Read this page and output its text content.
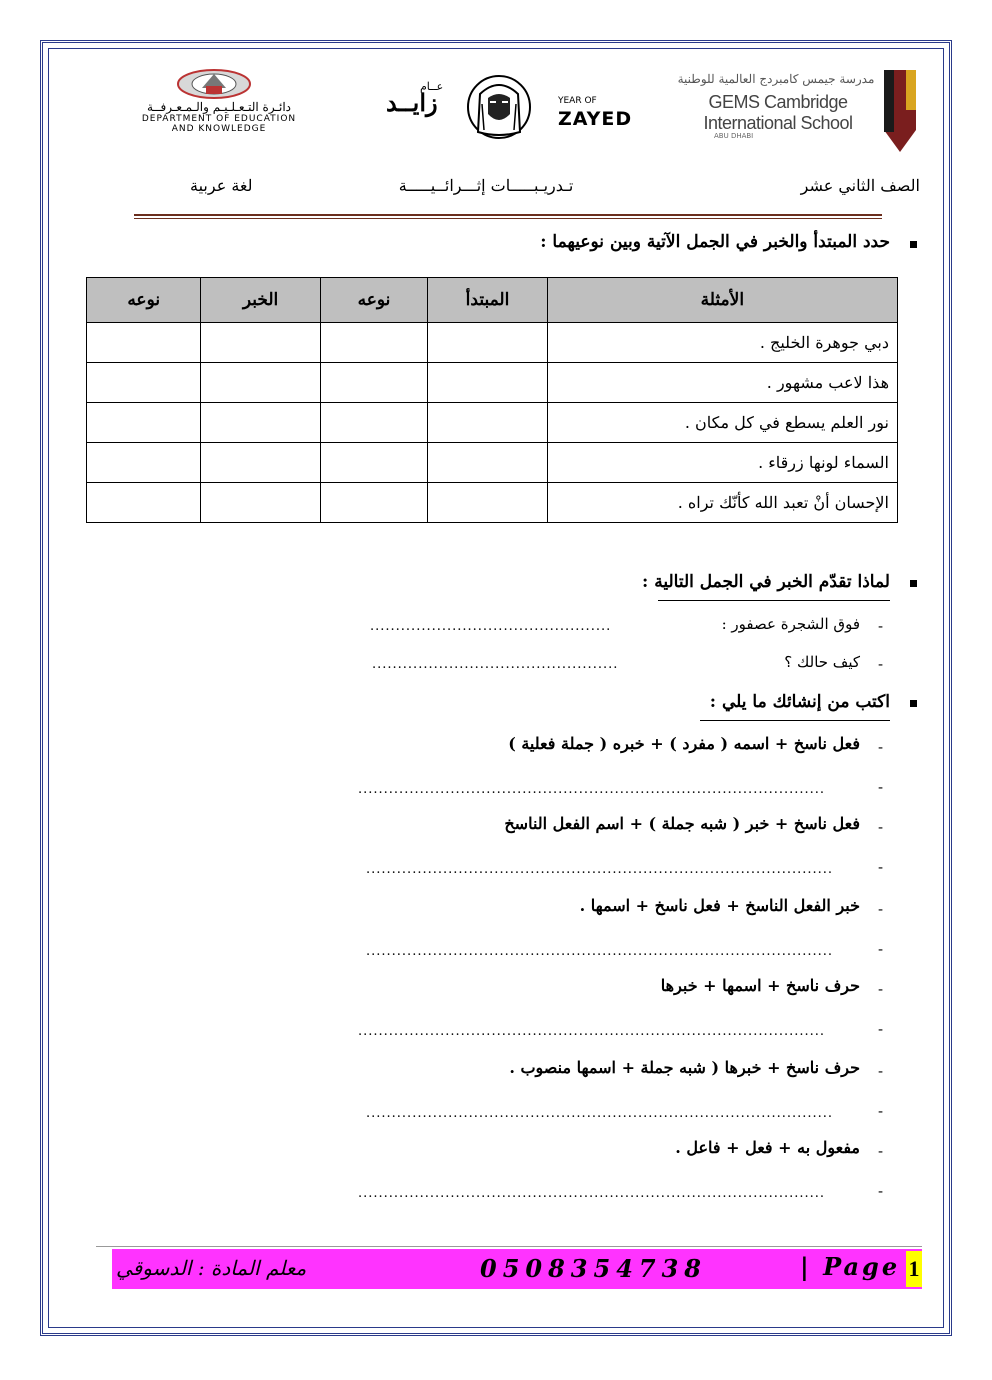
دائـرة التـعـلـيـم والـمـعـرفــة
DEPARTMENT OF EDUCATION
AND KNOWLEDGE
عــام
زايــد	YEAR OF
ZAYED
مدرسة جيمس كامبردج العالمية للوطنية
GEMS Cambridge International School
ABU DHABI
الصف الثاني عشر
تـدريـبـــــات إثـــرائــيـــــة
لغة عربية
حدد المبتدأ والخبر في الجمل الآتية وبين نوعيهما :
الأمثلة	المبتدأ	نوعه	الخبر	نوعه
دبي جوهرة الخليج .				
هذا لاعب مشهور .				
نور العلم يسطع في كل مكان .				
السماء لونها زرقاء .				
الإحسان أنْ تعبد الله كأنّك تراه .				
لماذا تقدّم الخبر في الجمل التالية :
-
فوق الشجرة عصفور :
...............................................
-
كيف حالك ؟
................................................
اكتب من إنشائك ما يلي :
-
فعل ناسخ + اسمه ( مفرد ) + خبره ( جملة فعلية )
-
...........................................................................................
-
فعل ناسخ + خبر ( شبه جملة ) + اسم الفعل الناسخ
-
...........................................................................................
-
خبر الفعل الناسخ + فعل ناسخ + اسمها .
-
...........................................................................................
-
حرف ناسخ + اسمها + خبرها
-
...........................................................................................
-
حرف ناسخ + خبرها ( شبه جملة + اسمها منصوب .
-
...........................................................................................
-
مفعول به + فعل + فاعل .
-
...........................................................................................
معلم المادة : الدسوقي	0508354738	| Page 1
